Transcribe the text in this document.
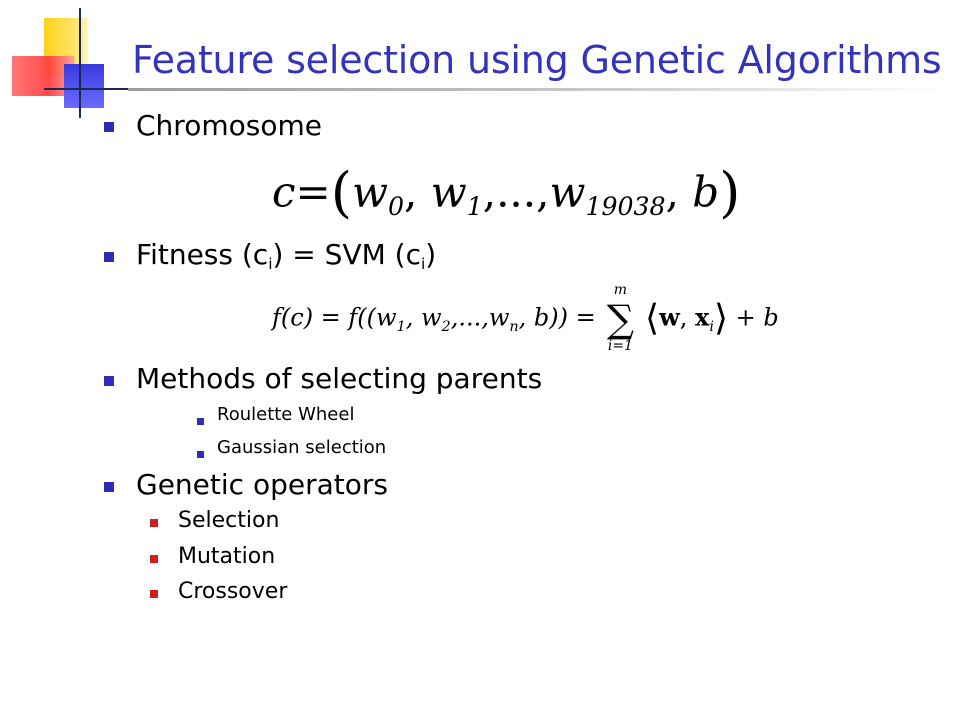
Feature selection using Genetic Algorithms
Chromosome
$c=(w_0$, $w_1,...,w_{19038}$, b)
Fitness (ci) = SVM (ci)
$f(c) = f((w_1$, $w_2,...,w_n$, b)) =
m
∑
i=1
⟨w, $x_i⟩ + b$
Methods of selecting parents
Roulette Wheel
Gaussian selection
Genetic operators
Selection
Mutation
Crossover
